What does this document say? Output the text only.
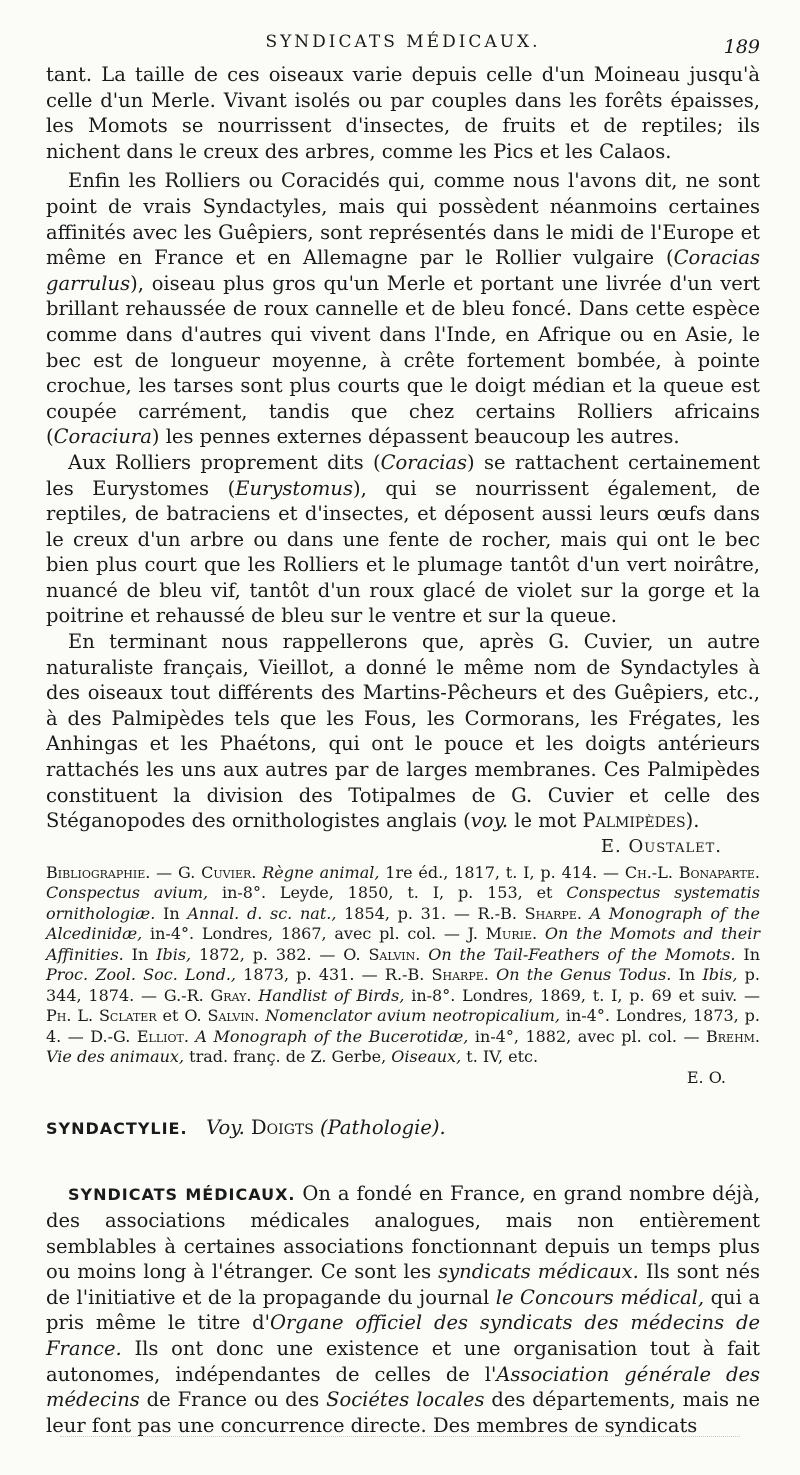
SYNDICATS MÉDICAUX.	189

tant. La taille de ces oiseaux varie depuis celle d'un Moineau jusqu'à celle d'un Merle. Vivant isolés ou par couples dans les forêts épaisses, les Momots se nourrissent d'insectes, de fruits et de reptiles; ils nichent dans le creux des arbres, comme les Pics et les Calaos.

Enfin les Rolliers ou Coracidés qui, comme nous l'avons dit, ne sont point de vrais Syndactyles, mais qui possèdent néanmoins certaines affinités avec les Guêpiers, sont représentés dans le midi de l'Europe et même en France et en Allemagne par le Rollier vulgaire (Coracias garrulus), oiseau plus gros qu'un Merle et portant une livrée d'un vert brillant rehaussée de roux cannelle et de bleu foncé. Dans cette espèce comme dans d'autres qui vivent dans l'Inde, en Afrique ou en Asie, le bec est de longueur moyenne, à crête fortement bombée, à pointe crochue, les tarses sont plus courts que le doigt médian et la queue est coupée carrément, tandis que chez certains Rolliers africains (Coraciura) les pennes externes dépassent beaucoup les autres.

Aux Rolliers proprement dits (Coracias) se rattachent certainement les Eurystomes (Eurystomus), qui se nourrissent également, de reptiles, de batraciens et d'insectes, et déposent aussi leurs œufs dans le creux d'un arbre ou dans une fente de rocher, mais qui ont le bec bien plus court que les Rolliers et le plumage tantôt d'un vert noirâtre, nuancé de bleu vif, tantôt d'un roux glacé de violet sur la gorge et la poitrine et rehaussé de bleu sur le ventre et sur la queue.

En terminant nous rappellerons que, après G. Cuvier, un autre naturaliste français, Vieillot, a donné le même nom de Syndactyles à des oiseaux tout différents des Martins-Pêcheurs et des Guêpiers, etc., à des Palmipèdes tels que les Fous, les Cormorans, les Frégates, les Anhingas et les Phaétons, qui ont le pouce et les doigts antérieurs rattachés les uns aux autres par de larges membranes. Ces Palmipèdes constituent la division des Totipalmes de G. Cuvier et celle des Stéganopodes des ornithologistes anglais (voy. le mot Palmipèdes).

E. Oustalet.

Bibliographie. — G. Cuvier. Règne animal, 1re éd., 1817, t. I, p. 414. — Ch.-L. Bonaparte. Conspectus avium, in-8°. Leyde, 1850, t. I, p. 153, et Conspectus systematis ornithologiæ. In Annal. d. sc. nat., 1854, p. 31. — R.-B. Sharpe. A Monograph of the Alcedinidæ, in-4°. Londres, 1867, avec pl. col. — J. Murie. On the Momots and their Affinities. In Ibis, 1872, p. 382. — O. Salvin. On the Tail-Feathers of the Momots. In Proc. Zool. Soc. Lond., 1873, p. 431. — R.-B. Sharpe. On the Genus Todus. In Ibis, p. 344, 1874. — G.-R. Gray. Handlist of Birds, in-8°. Londres, 1869, t. I, p. 69 et suiv. — Ph. L. Sclater et O. Salvin. Nomenclator avium neotropicalium, in-4°. Londres, 1873, p. 4. — D.-G. Elliot. A Monograph of the Bucerotidæ, in-4°, 1882, avec pl. col. — Brehm. Vie des animaux, trad. franç. de Z. Gerbe, Oiseaux, t. IV, etc.

E. O.

SYNDACTYLIE. Voy. Doigts (Pathologie).

SYNDICATS MÉDICAUX. On a fondé en France, en grand nombre déjà, des associations médicales analogues, mais non entièrement semblables à certaines associations fonctionnant depuis un temps plus ou moins long à l'étranger. Ce sont les syndicats médicaux. Ils sont nés de l'initiative et de la propagande du journal le Concours médical, qui a pris même le titre d'Organe officiel des syndicats des médecins de France. Ils ont donc une existence et une organisation tout à fait autonomes, indépendantes de celles de l'Association générale des médecins de France ou des Sociétes locales des départements, mais ne leur font pas une concurrence directe. Des membres de syndicats
